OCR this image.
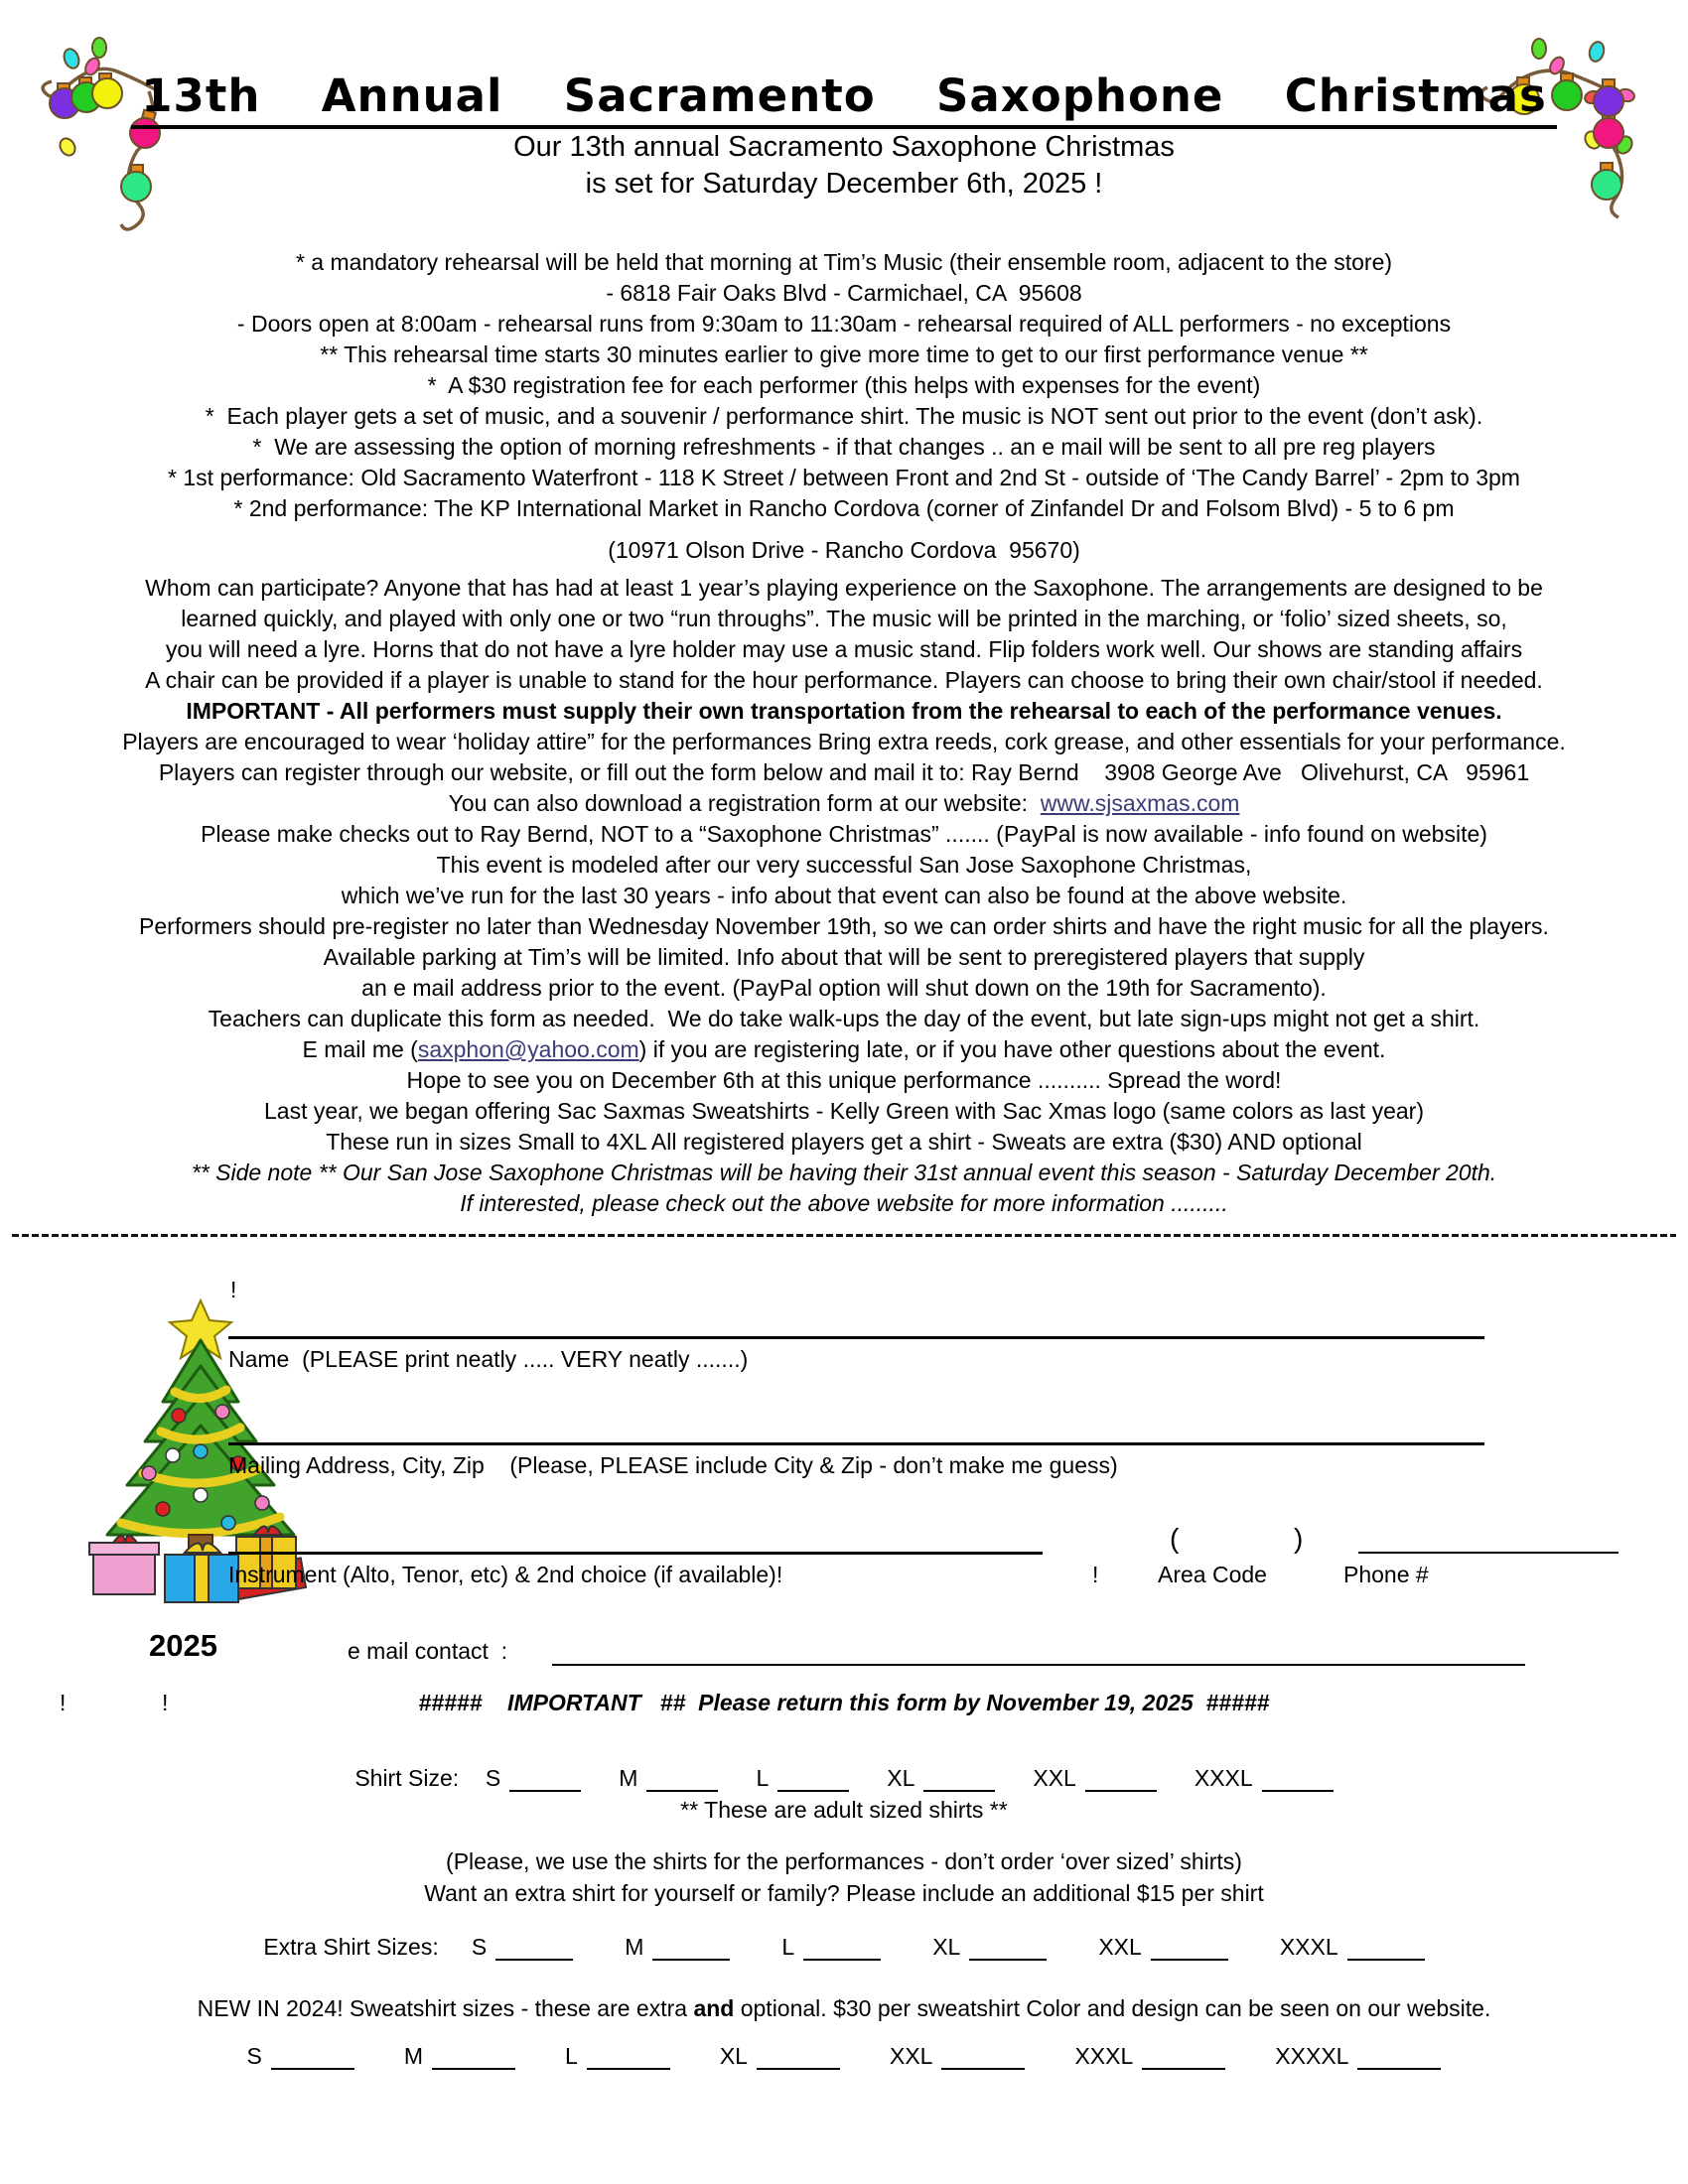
13th  Annual  Sacramento  Saxophone  Christmas
Our 13th annual Sacramento Saxophone Christmas
is set for Saturday December 6th, 2025 !
* a mandatory rehearsal will be held that morning at Tim’s Music (their ensemble room, adjacent to the store)
- 6818 Fair Oaks Blvd - Carmichael, CA  95608
- Doors open at 8:00am - rehearsal runs from 9:30am to 11:30am - rehearsal required of ALL performers - no exceptions
** This rehearsal time starts 30 minutes earlier to give more time to get to our first performance venue **
*  A $30 registration fee for each performer (this helps with expenses for the event)
*  Each player gets a set of music, and a souvenir / performance shirt. The music is NOT sent out prior to the event (don’t ask).
*  We are assessing the option of morning refreshments - if that changes .. an e mail will be sent to all pre reg players
* 1st performance: Old Sacramento Waterfront - 118 K Street / between Front and 2nd St - outside of ‘The Candy Barrel’ - 2pm to 3pm
* 2nd performance: The KP International Market in Rancho Cordova (corner of Zinfandel Dr and Folsom Blvd) - 5 to 6 pm
(10971 Olson Drive - Rancho Cordova  95670)
Whom can participate? Anyone that has had at least 1 year’s playing experience on the Saxophone. The arrangements are designed to be
learned quickly, and played with only one or two “run throughs”. The music will be printed in the marching, or ‘folio’ sized sheets, so,
you will need a lyre. Horns that do not have a lyre holder may use a music stand. Flip folders work well. Our shows are standing affairs
A chair can be provided if a player is unable to stand for the hour performance. Players can choose to bring their own chair/stool if needed.
IMPORTANT - All performers must supply their own transportation from the rehearsal to each of the performance venues.
Players are encouraged to wear ‘holiday attire” for the performances Bring extra reeds, cork grease, and other essentials for your performance.
Players can register through our website, or fill out the form below and mail it to: Ray Bernd    3908 George Ave   Olivehurst, CA   95961
You can also download a registration form at our website:  www.sjsaxmas.com
Please make checks out to Ray Bernd, NOT to a “Saxophone Christmas” ....... (PayPal is now available - info found on website)
This event is modeled after our very successful San Jose Saxophone Christmas,
which we’ve run for the last 30 years - info about that event can also be found at the above website.
Performers should pre-register no later than Wednesday November 19th, so we can order shirts and have the right music for all the players.
Available parking at Tim’s will be limited. Info about that will be sent to preregistered players that supply
an e mail address prior to the event. (PayPal option will shut down on the 19th for Sacramento).
Teachers can duplicate this form as needed.  We do take walk-ups the day of the event, but late sign-ups might not get a shirt.
E mail me (saxphon@yahoo.com) if you are registering late, or if you have other questions about the event.
Hope to see you on December 6th at this unique performance .......... Spread the word!
Last year, we began offering Sac Saxmas Sweatshirts - Kelly Green with Sac Xmas logo (same colors as last year)
These run in sizes Small to 4XL All registered players get a shirt - Sweats are extra ($30) AND optional
** Side note ** Our San Jose Saxophone Christmas will be having their 31st annual event this season - Saturday December 20th.
If interested, please check out the above website for more information .........
!
Name  (PLEASE print neatly ..... VERY neatly .......)
Mailing Address, City, Zip    (Please, PLEASE include City & Zip - don’t make me guess)
(	)
Instrument (Alto, Tenor, etc) & 2nd choice (if available)!	!	Area Code	Phone #
2025	e mail contact  :
!	!	#####    IMPORTANT   ##  Please return this form by November 19, 2025  #####
Shirt Size: S	M	L	XL	XXL	XXXL
** These are adult sized shirts **
(Please, we use the shirts for the performances - don’t order ‘over sized’ shirts)
Want an extra shirt for yourself or family? Please include an additional $15 per shirt
Extra Shirt Sizes: S	M	L	XL	XXL	XXXL
NEW IN 2024! Sweatshirt sizes - these are extra and optional. $30 per sweatshirt Color and design can be seen on our website.
S	M	L	XL	XXL	XXXL	XXXXL
